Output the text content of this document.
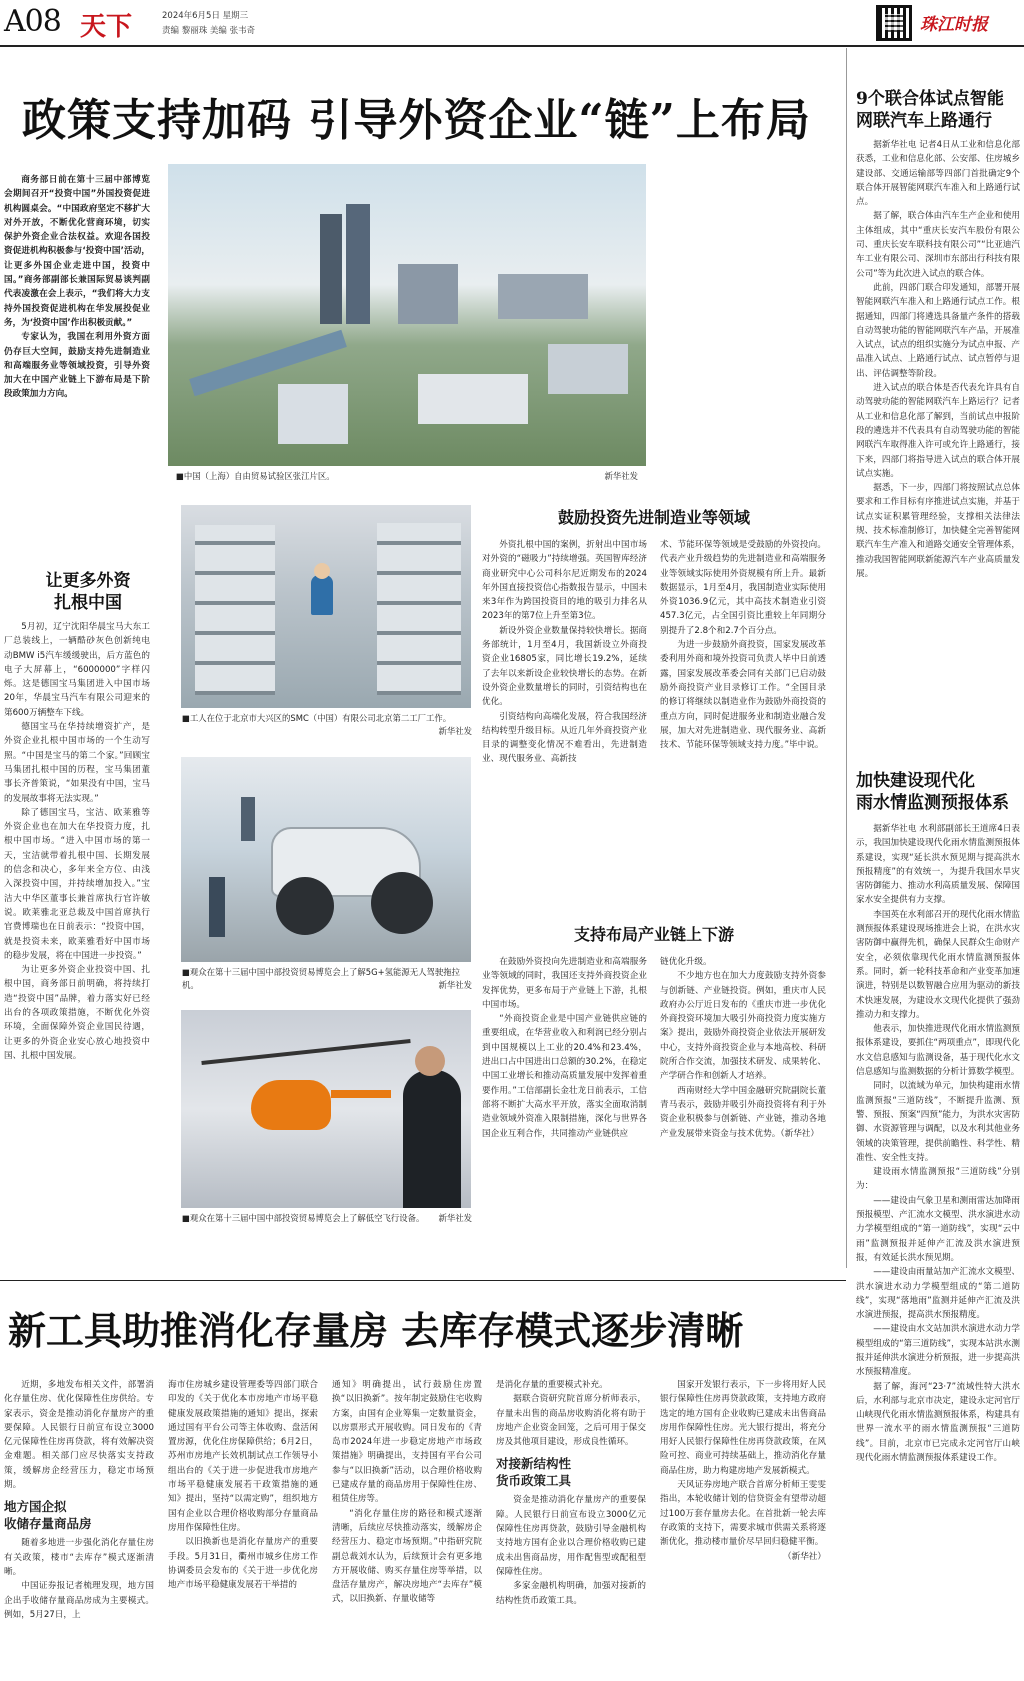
A08 天下	2024年6月5日 星期三
责编 黎丽珠 美编 张韦奇	珠江时报
政策支持加码 引导外资企业“链”上布局

商务部日前在第十三届中部博览会期间召开“投资中国”外国投资促进机构圆桌会。“中国政府坚定不移扩大对外开放，不断优化营商环境，切实保护外资企业合法权益。欢迎各国投资促进机构积极参与‘投资中国’活动，让更多外国企业走进中国，投资中国。”商务部副部长兼国际贸易谈判副代表凌激在会上表示，“我们将大力支持外国投资促进机构在华发展投促业务，为‘投资中国’作出积极贡献。”

专家认为，我国在利用外资方面仍存巨大空间，鼓励支持先进制造业和高端服务业等领域投资，引导外资加大在中国产业链上下游布局是下阶段政策加力方向。

让更多外资
扎根中国

5月初，辽宁沈阳华晨宝马大东工厂总装线上，一辆酷砂灰色创新纯电动BMW i5汽车缓缓驶出，后方蓝色的电子大屏幕上，“6000000”字样闪烁。这是德国宝马集团进入中国市场20年，华晨宝马汽车有限公司迎来的第600万辆整车下线。

德国宝马在华持续增资扩产，是外资企业扎根中国市场的一个生动写照。“中国是宝马的第二个家。”回顾宝马集团扎根中国的历程，宝马集团董事长齐普策说，“如果没有中国，宝马的发展故事将无法实现。”

除了德国宝马，宝洁、欧莱雅等外资企业也在加大在华投资力度，扎根中国市场。“进入中国市场的第一天，宝洁就带着扎根中国、长期发展的信念和决心，多年来全方位、由浅入深投资中国，并持续增加投入。”宝洁大中华区董事长兼首席执行官许敏说。欧莱雅北亚总裁及中国首席执行官费博瑞也在日前表示：“投资中国，就是投资未来，欧莱雅看好中国市场的稳步发展，将在中国进一步投资。”

为让更多外资企业投资中国、扎根中国，商务部日前明确，将持续打造“投资中国”品牌，着力落实好已经出台的各项政策措施，不断优化外资环境，全面保障外资企业国民待遇，让更多的外资企业安心放心地投资中国、扎根中国发展。

■中国（上海）自由贸易试验区张江片区。	新华社发
■工人在位于北京市大兴区的SMC（中国）有限公司北京第二工厂工作。
新华社发
■观众在第十三届中国中部投资贸易博览会上了解5G+氢能源无人驾驶拖拉机。	新华社发
■观众在第十三届中国中部投资贸易博览会上了解低空飞行设备。 新华社发
鼓励投资先进制造业等领域

外资扎根中国的案例，折射出中国市场对外资的“磁吸力”持续增强。英国智库经济商业研究中心公司科尔尼近期发布的2024年外国直接投资信心指数报告显示，中国未来3年作为跨国投资目的地的吸引力排名从2023年的第7位上升至第3位。

新设外资企业数量保持较快增长。据商务部统计，1月至4月，我国新设立外商投资企业16805家，同比增长19.2%，延续了去年以来新设企业较快增长的态势。在新设外资企业数量增长的同时，引资结构也在优化。

引资结构向高端化发展，符合我国经济结构转型升级目标。从近几年外商投资产业目录的调整变化情况不难看出，先进制造业、现代服务业、高新技

术、节能环保等领域是受鼓励的外资投向。代表产业升级趋势的先进制造业和高端服务业等领域实际使用外资规模有所上升。最新数据显示，1月至4月，我国制造业实际使用外资1036.9亿元，其中高技术制造业引资457.3亿元，占全国引资比重较上年同期分别提升了2.8个和2.7个百分点。

为进一步鼓励外商投资，国家发展改革委利用外商和境外投资司负责人毕中日前透露，国家发展改革委会同有关部门已启动鼓励外商投资产业目录修订工作。“全国目录的修订将继续以制造业作为鼓励外商投资的重点方向，同时促进服务业和制造业融合发展，加大对先进制造业、现代服务业、高新技术、节能环保等领域支持力度。”毕中说。

支持布局产业链上下游

在鼓励外资投向先进制造业和高端服务业等领域的同时，我国还支持外商投资企业发挥优势，更多布局于产业链上下游，扎根中国市场。

“外商投资企业是中国产业链供应链的重要组成，在华营业收入和利润已经分别占到中国规模以上工业的20.4%和23.4%，进出口占中国进出口总额的30.2%，在稳定中国工业增长和推动高质量发展中发挥着重要作用。”工信部副长金壮龙日前表示，工信部将不断扩大高水平开放，落实全面取消制造业领域外资准入限制措施，深化与世界各国企业互利合作，共同推动产业链供应

链优化升级。

不少地方也在加大力度鼓励支持外资参与创新链、产业链投资。例如，重庆市人民政府办公厅近日发布的《重庆市进一步优化外商投资环境加大吸引外商投资力度实施方案》提出，鼓励外商投资企业依法开展研发中心，支持外商投资企业与本地高校、科研院所合作交流，加强技术研发、成果转化、产学研合作和创新人才培养。

西南财经大学中国金融研究院副院长董青马表示，鼓励并吸引外商投资将有利于外资企业积极参与创新链、产业链，推动各地产业发展带来资金与技术优势。（新华社）

9个联合体试点智能
网联汽车上路通行

据新华社电 记者4日从工业和信息化部获悉，工业和信息化部、公安部、住房城乡建设部、交通运输部等四部门首批确定9个联合体开展智能网联汽车准入和上路通行试点。

据了解，联合体由汽车生产企业和使用主体组成，其中“重庆长安汽车股份有限公司、重庆长安车联科技有限公司”“比亚迪汽车工业有限公司、深圳市东部出行科技有限公司”等为此次进入试点的联合体。

此前，四部门联合印发通知，部署开展智能网联汽车准入和上路通行试点工作。根据通知，四部门将遴选具备量产条件的搭载自动驾驶功能的智能网联汽车产品，开展准入试点，试点的组织实施分为试点申报、产品准入试点、上路通行试点、试点暂停与退出、评估调整等阶段。

进入试点的联合体是否代表允许具有自动驾驶功能的智能网联汽车上路运行？记者从工业和信息化部了解到，当前试点申报阶段的遴选并不代表具有自动驾驶功能的智能网联汽车取得准入许可或允许上路通行，接下来，四部门将指导进入试点的联合体开展试点实施。

据悉，下一步，四部门将按照试点总体要求和工作目标有序推进试点实施，并基于试点实证积累管理经验，支撑相关法律法规、技术标准制修订，加快健全完善智能网联汽车生产准入和道路交通安全管理体系，推动我国智能网联新能源汽车产业高质量发展。

加快建设现代化
雨水情监测预报体系

据新华社电 水利部副部长王道席4日表示，我国加快建设现代化雨水情监测预报体系建设，实现“延长洪水预见期与提高洪水预报精度”的有效统一，为提升我国水旱灾害防御能力、推动水利高质量发展、保障国家水安全提供有力支撑。

李国英在水利部召开的现代化雨水情监测预报体系建设现场推进会上说，在洪水灾害防御中赢得先机，确保人民群众生命财产安全，必须依靠现代化雨水情监测预报体系。同时，新一轮科技革命和产业变革加速演进，特别是以数智融合应用为驱动的新技术快速发展，为建设水文现代化提供了强劲推动力和支撑力。

他表示，加快推进现代化雨水情监测预报体系建设，要抓住“两项重点”，即现代化水文信息感知与监测设备，基于现代化水文信息感知与监测数据的分析计算数学模型。

同时，以流域为单元，加快构建雨水情监测预报“三道防线”，不断提升监测、预警、预报、预案“四预”能力，为洪水灾害防御、水资源管理与调配，以及水利其他业务领域的决策管理，提供前瞻性、科学性、精准性、安全性支持。

建设雨水情监测预报“三道防线”分别为：

——建设由气象卫星和测雨雷达加降雨预报模型、产汇流水文模型、洪水演进水动力学模型组成的“第一道防线”，实现“云中雨”监测预报并延伸产汇流及洪水演进预报，有效延长洪水预见期。

——建设由雨量站加产汇流水文模型、洪水演进水动力学模型组成的“第二道防线”，实现“落地雨”监测并延伸产汇流及洪水演进预报，提高洪水预报精度。

——建设由水文站加洪水演进水动力学模型组成的“第三道防线”，实现本站洪水测报并延伸洪水演进分析预报，进一步提高洪水预报精准度。

据了解，海河“23·7”流域性特大洪水后，水利部与北京市决定，建设永定河官厅山峡现代化雨水情监测预报体系，构建具有世界一流水平的雨水情监测预报“三道防线”。目前，北京市已完成永定河官厅山峡现代化雨水情监测预报体系建设工作。

新工具助推消化存量房 去库存模式逐步清晰

近期，多地发布相关文件，部署消化存量住房、优化保障性住房供给。专家表示，资金是推动消化存量房产的重要保障。人民银行日前宣布设立3000亿元保障性住房再贷款，将有效解决资金难题。相关部门应尽快落实支持政策，缓解房企经营压力，稳定市场预期。

地方国企拟
收储存量商品房

随着多地进一步强化消化存量住房有关政策，楼市“去库存”模式逐渐清晰。

中国证券报记者梳理发现，地方国企出手收储存量商品房成为主要模式。例如，5月27日，上

海市住房城乡建设管理委等四部门联合印发的《关于优化本市房地产市场平稳健康发展政策措施的通知》提出，探索通过国有平台公司等主体收购、盘活闲置房源，优化住房保障供给；6月2日，苏州市房地产长效机制试点工作领导小组出台的《关于进一步促进我市房地产市场平稳健康发展若干政策措施的通知》提出，坚持“以需定购”，组织地方国有企业以合理价格收购部分存量商品房用作保障性住房。

以旧换新也是消化存量房产的重要手段。5月31日，衢州市城乡住房工作协调委员会发布的《关于进一步优化房地产市场平稳健康发展若干举措的

通知》明确提出，试行鼓励住房置换“以旧换新”。按年制定鼓励住宅收购方案，由国有企业筹集一定数量资金，以房票形式开展收购。同日发布的《青岛市2024年进一步稳定房地产市场政策措施》明确提出，支持国有平台公司参与“以旧换新”活动，以合理价格收购已建成存量的商品房用于保障性住房、租赁住房等。

“消化存量住房的路径和模式逐渐清晰，后续应尽快推动落实，缓解房企经营压力、稳定市场预期。”中指研究院副总裁刘水认为，后续预计会有更多地方开展收储、购买存量住房等举措，以盘活存量房产，解决房地产“去库存”模式，以旧换新、存量收储等

是消化存量的重要模式补充。

据联合资研究院首席分析师表示，存量未出售的商品房收购消化将有助于房地产企业资金回笼，之后可用于保交房及其他项目建设，形成良性循环。

对接新结构性
货币政策工具

资金是推动消化存量房产的重要保障。人民银行日前宣布设立3000亿元保障性住房再贷款，鼓励引导金融机构支持地方国有企业以合理价格收购已建成未出售商品房，用作配售型或配租型保障性住房。

多家金融机构明确，加强对接新的结构性货币政策工具。

国家开发银行表示，下一步将用好人民银行保障性住房再贷款政策，支持地方政府选定的地方国有企业收购已建成未出售商品房用作保障性住房。光大银行提出，将充分用好人民银行保障性住房再贷款政策，在风险可控、商业可持续基础上，推动消化存量商品住房，助力构建房地产发展新模式。

天风证券房地产联合首席分析师王雯雯指出，本轮收储计划的信贷资金有望带动超过100万套存量房去化。在首批新一轮去库存政策的支持下，需要求城市供需关系将逐渐优化，推动楼市量价尽早回归稳健平衡。

（新华社）
